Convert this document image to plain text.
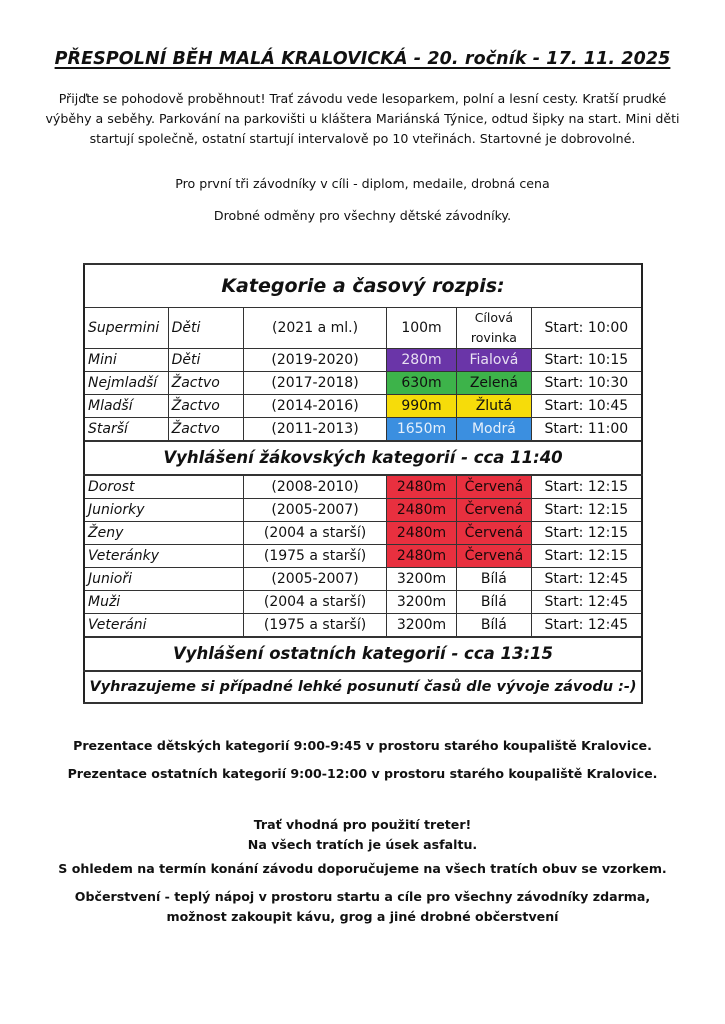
PŘESPOLNÍ BĚH MALÁ KRALOVICKÁ - 20. ročník - 17. 11. 2025
Přijďte se pohodově proběhnout! Trať závodu vede lesoparkem, polní a lesní cesty. Kratší prudké výběhy a seběhy. Parkování na parkovišti u kláštera Mariánská Týnice, odtud šipky na start. Mini děti startují společně, ostatní startují intervalově po 10 vteřinách. Startovné je dobrovolné.
Pro první tři závodníky v cíli - diplom, medaile, drobná cena
Drobné odměny pro všechny dětské závodníky.
Kategorie a časový rozpis:					
Supermini	Děti	(2021 a ml.)	100m	Cílová rovinka	Start: 10:00
Mini	Děti	(2019-2020)	280m	Fialová	Start: 10:15
Nejmladší	Žactvo	(2017-2018)	630m	Zelená	Start: 10:30
Mladší	Žactvo	(2014-2016)	990m	Žlutá	Start: 10:45
Starší	Žactvo	(2011-2013)	1650m	Modrá	Start: 11:00
Vyhlášení žákovských kategorií - cca 11:40					
Dorost		(2008-2010)	2480m	Červená	Start: 12:15
Juniorky		(2005-2007)	2480m	Červená	Start: 12:15
Ženy		(2004 a starší)	2480m	Červená	Start: 12:15
Veteránky		(1975 a starší)	2480m	Červená	Start: 12:15
Junioři		(2005-2007)	3200m	Bílá	Start: 12:45
Muži		(2004 a starší)	3200m	Bílá	Start: 12:45
Veteráni		(1975 a starší)	3200m	Bílá	Start: 12:45
Vyhlášení ostatních kategorií - cca 13:15					
Vyhrazujeme si případné lehké posunutí časů dle vývoje závodu :-)					
Prezentace dětských kategorií 9:00-9:45 v prostoru starého koupaliště Kralovice.
Prezentace ostatních kategorií 9:00-12:00 v prostoru starého koupaliště Kralovice.
Trať vhodná pro použití treter!
Na všech tratích je úsek asfaltu.
S ohledem na termín konání závodu doporučujeme na všech tratích obuv se vzorkem.
Občerstvení - teplý nápoj v prostoru startu a cíle pro všechny závodníky zdarma,
možnost zakoupit kávu, grog a jiné drobné občerstvení
